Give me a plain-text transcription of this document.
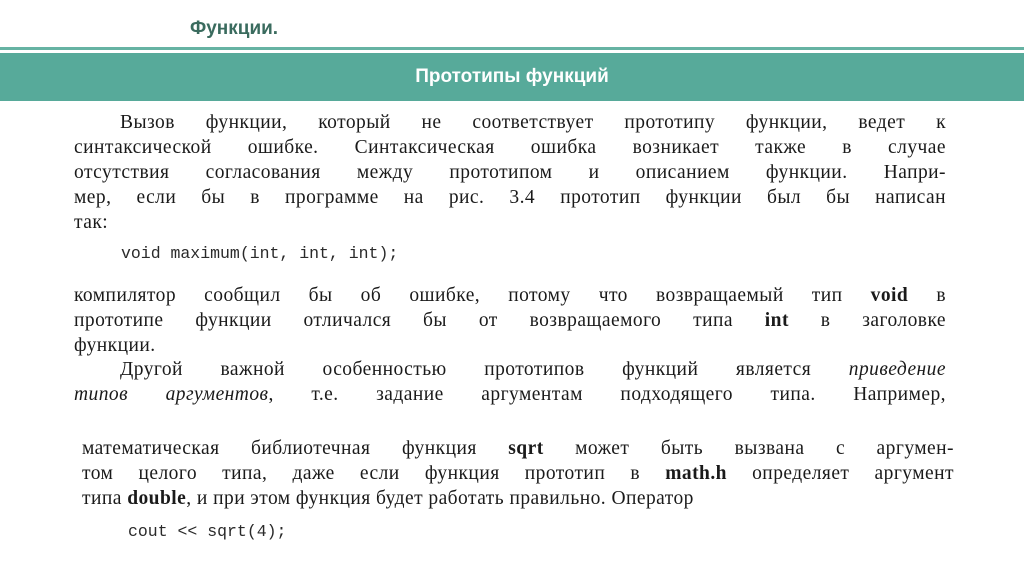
Функции.
Прототипы функций
Вызов функции, который не соответствует прототипу функции, ведет к
синтаксической ошибке. Синтаксическая ошибка возникает также в случае
отсутствия согласования между прототипом и описанием функции. Напри-
мер, если бы в программе на рис. 3.4 прототип функции был бы написан
так:
void maximum(int, int, int);
компилятор сообщил бы об ошибке, потому что возвращаемый тип void в
прототипе функции отличался бы от возвращаемого типа int в заголовке
функции.
Другой важной особенностью прототипов функций является приведение
типов аргументов, т.е. задание аргументам подходящего типа. Например,
математическая библиотечная функция sqrt может быть вызвана с аргумен-
том целого типа, даже если функция прототип в math.h определяет аргумент
типа double, и при этом функция будет работать правильно. Оператор
cout << sqrt(4);
